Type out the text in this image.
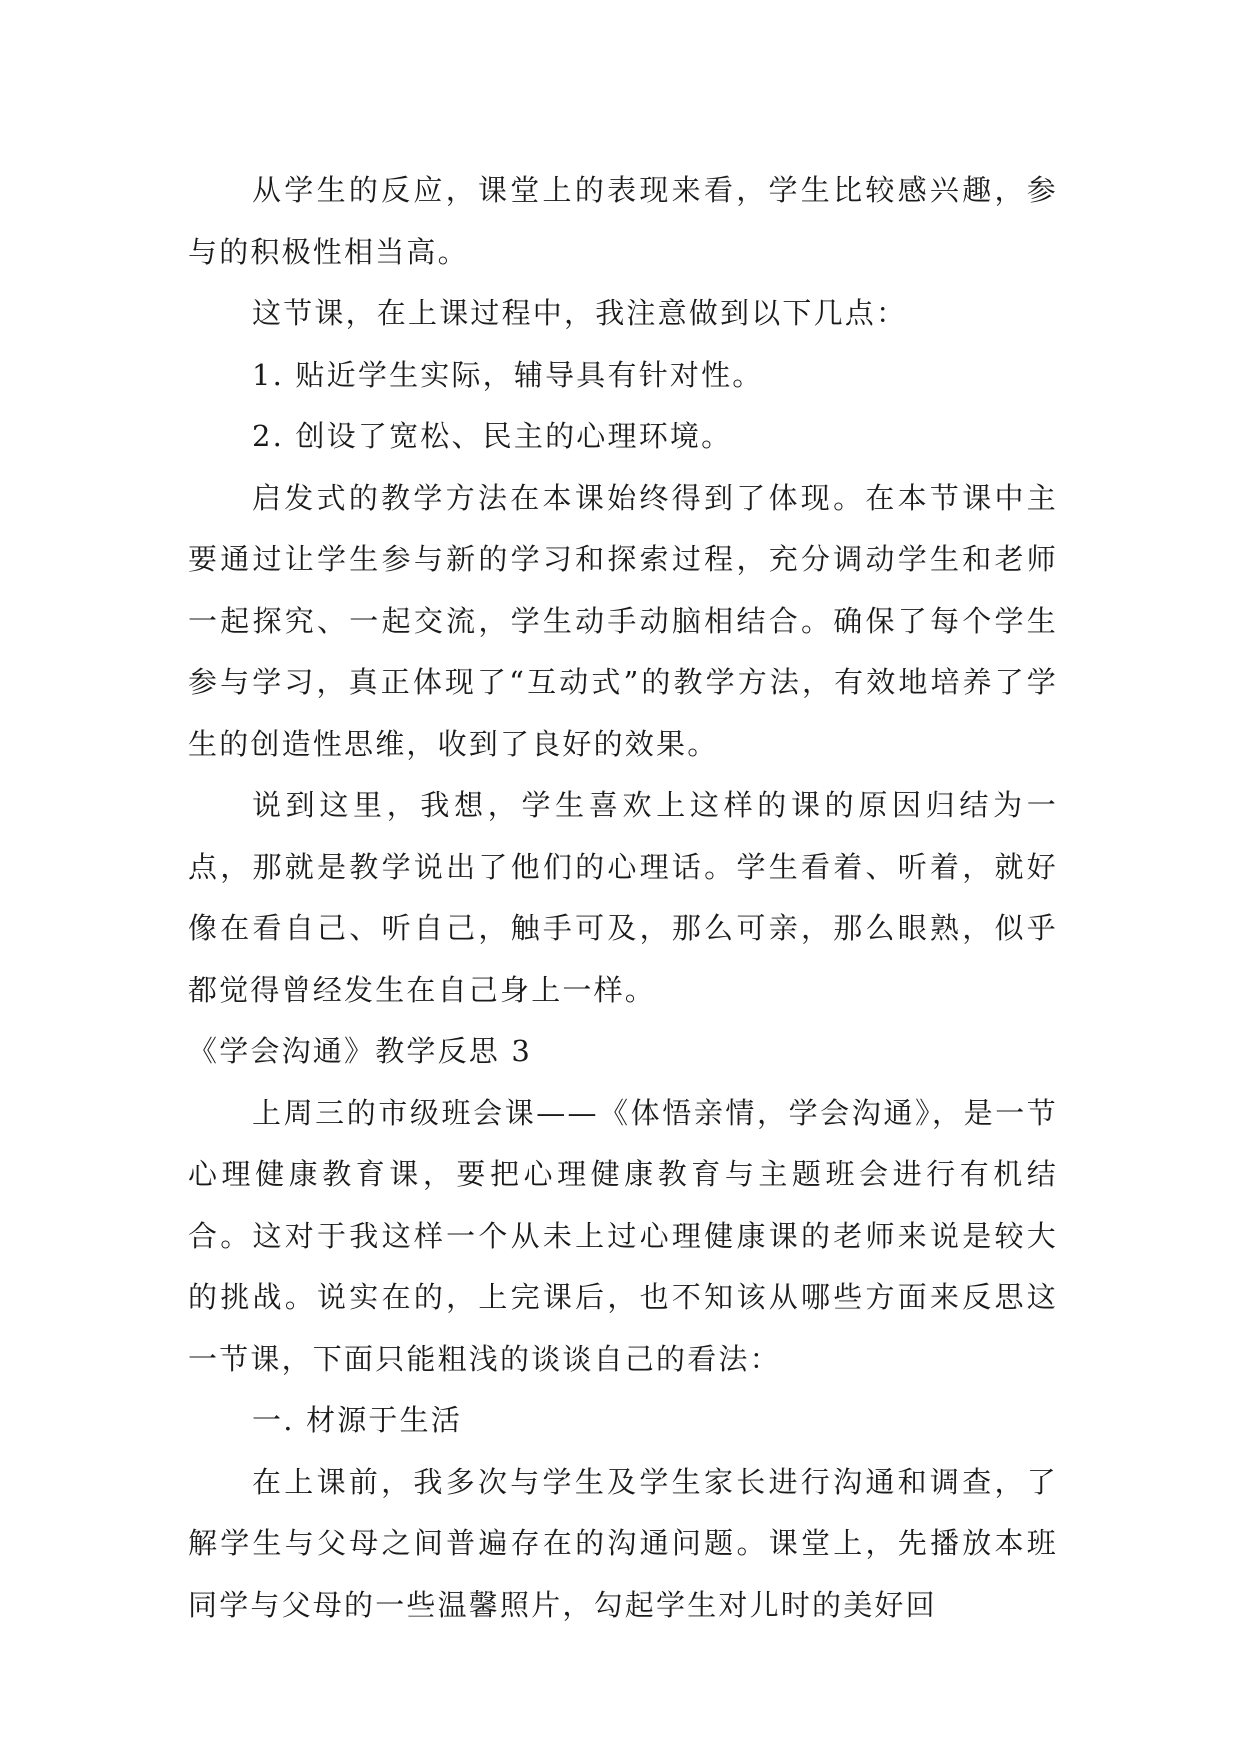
从学生的反应，课堂上的表现来看，学生比较感兴趣，参与的积极性相当高。

这节课，在上课过程中，我注意做到以下几点：

1. 贴近学生实际，辅导具有针对性。

2. 创设了宽松、民主的心理环境。

启发式的教学方法在本课始终得到了体现。在本节课中主要通过让学生参与新的学习和探索过程，充分调动学生和老师一起探究、一起交流，学生动手动脑相结合。确保了每个学生参与学习，真正体现了“互动式”的教学方法，有效地培养了学生的创造性思维，收到了良好的效果。

说到这里，我想，学生喜欢上这样的课的原因归结为一点，那就是教学说出了他们的心理话。学生看着、听着，就好像在看自己、听自己，触手可及，那么可亲，那么眼熟，似乎都觉得曾经发生在自己身上一样。

《学会沟通》教学反思 3

上周三的市级班会课——《体悟亲情，学会沟通》，是一节心理健康教育课，要把心理健康教育与主题班会进行有机结合。这对于我这样一个从未上过心理健康课的老师来说是较大的挑战。说实在的，上完课后，也不知该从哪些方面来反思这一节课，下面只能粗浅的谈谈自己的看法：

一. 材源于生活

在上课前，我多次与学生及学生家长进行沟通和调查，了解学生与父母之间普遍存在的沟通问题。课堂上，先播放本班同学与父母的一些温馨照片，勾起学生对儿时的美好回
